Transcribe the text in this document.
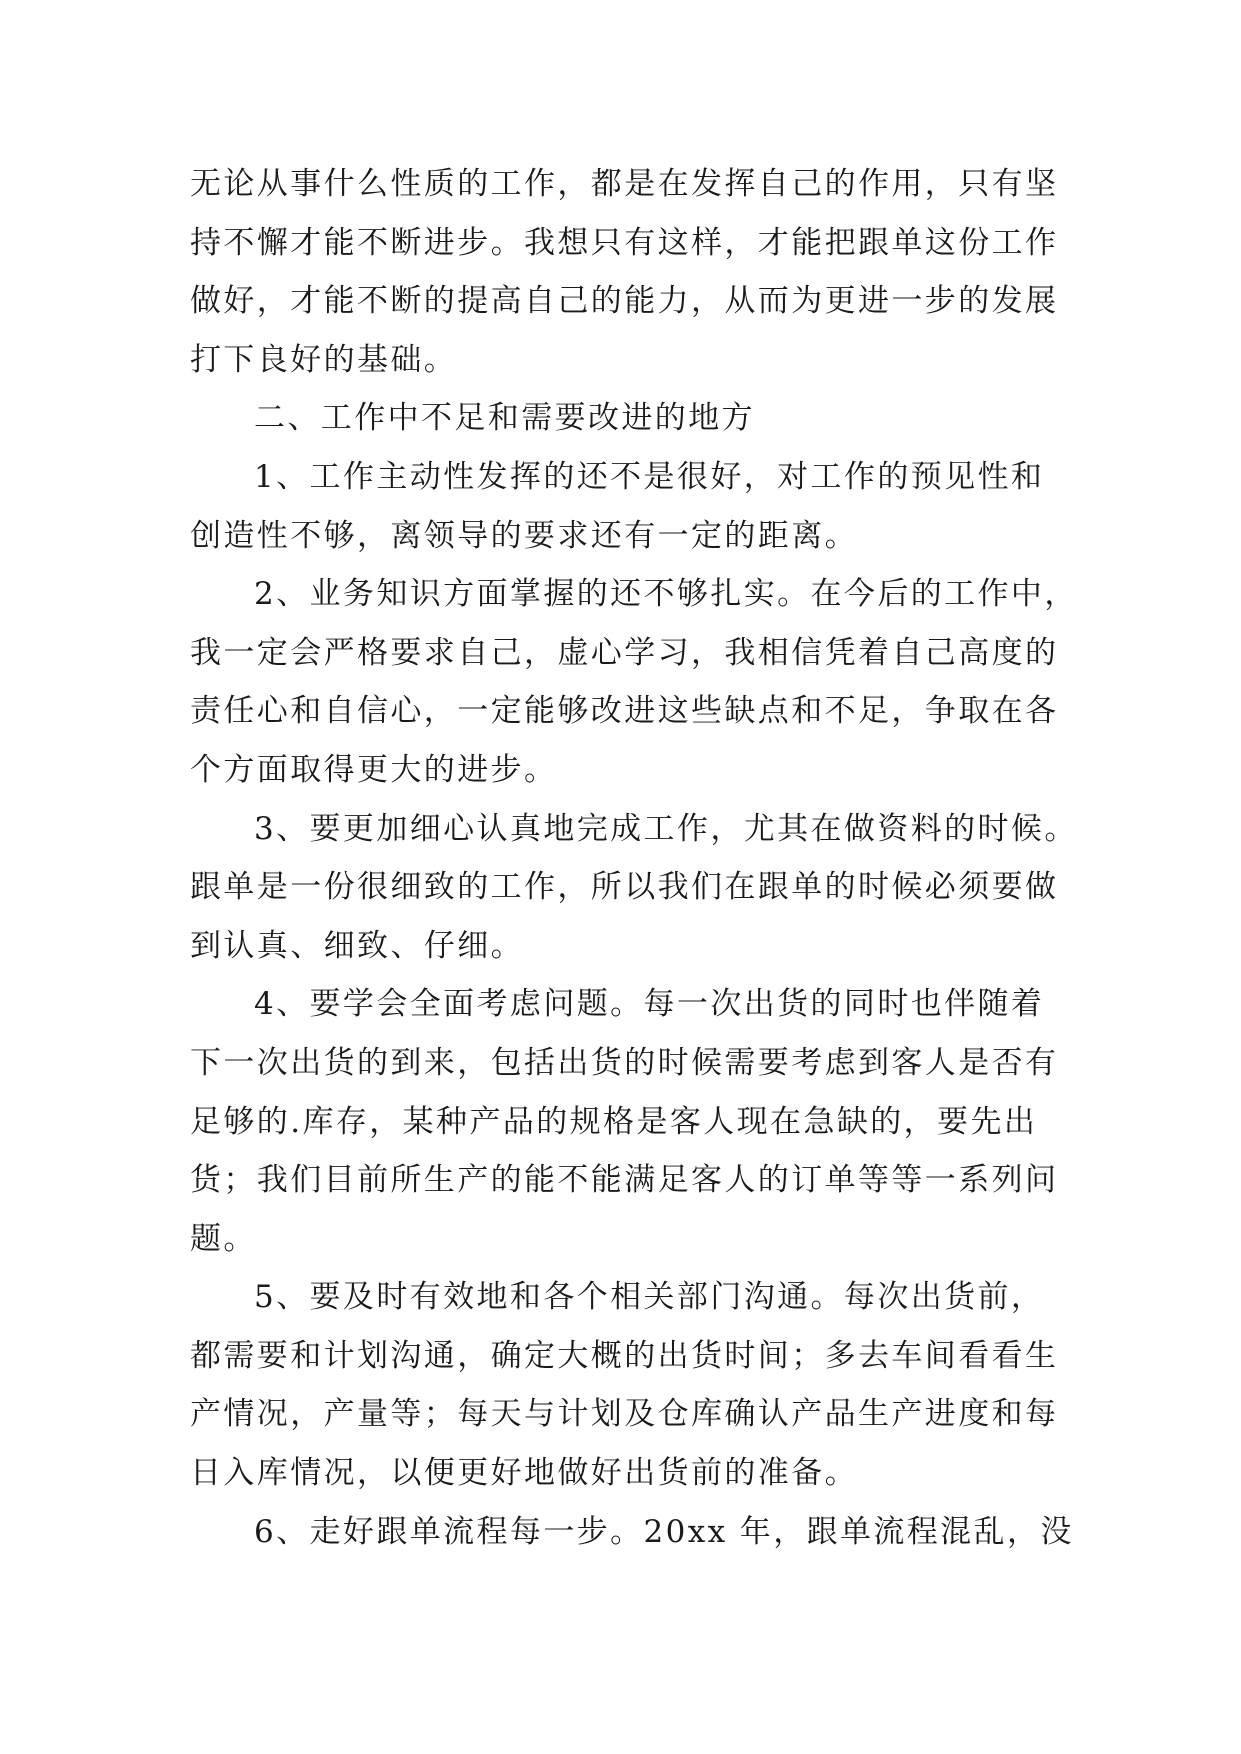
无论从事什么性质的工作，都是在发挥自己的作用，只有坚
持不懈才能不断进步。我想只有这样，才能把跟单这份工作
做好，才能不断的提高自己的能力，从而为更进一步的发展
打下良好的基础。
二、工作中不足和需要改进的地方
1、工作主动性发挥的还不是很好，对工作的预见性和
创造性不够，离领导的要求还有一定的距离。
2、业务知识方面掌握的还不够扎实。在今后的工作中，
我一定会严格要求自己，虚心学习，我相信凭着自己高度的
责任心和自信心，一定能够改进这些缺点和不足，争取在各
个方面取得更大的进步。
3、要更加细心认真地完成工作，尤其在做资料的时候。
跟单是一份很细致的工作，所以我们在跟单的时候必须要做
到认真、细致、仔细。
4、要学会全面考虑问题。每一次出货的同时也伴随着
下一次出货的到来，包括出货的时候需要考虑到客人是否有
足够的.库存，某种产品的规格是客人现在急缺的，要先出
货；我们目前所生产的能不能满足客人的订单等等一系列问
题。
5、要及时有效地和各个相关部门沟通。每次出货前，
都需要和计划沟通，确定大概的出货时间；多去车间看看生
产情况，产量等；每天与计划及仓库确认产品生产进度和每
日入库情况，以便更好地做好出货前的准备。
6、走好跟单流程每一步。20xx 年，跟单流程混乱，没
